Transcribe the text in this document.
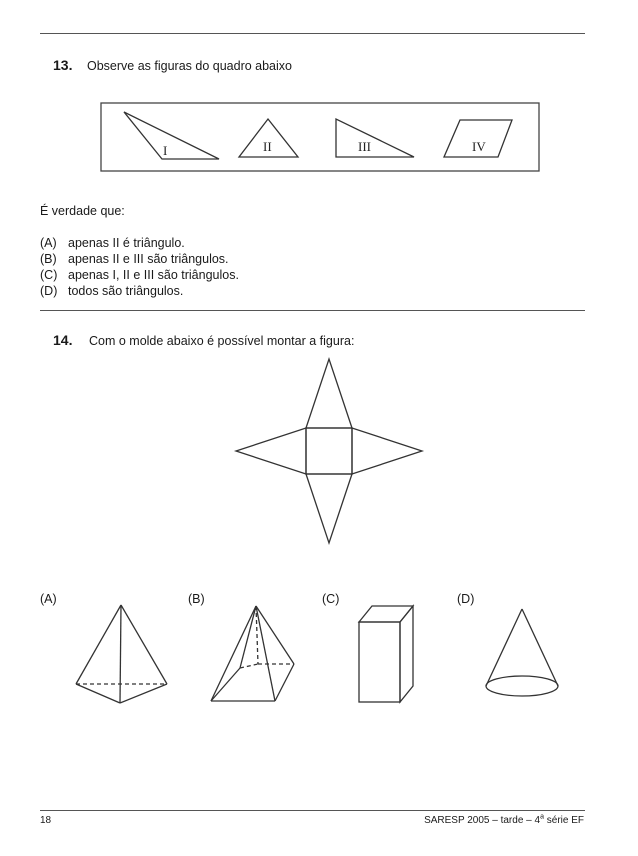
13. Observe as figuras do quadro abaixo
I	II	III	IV
É verdade que:
(A) apenas II é triângulo.
(B) apenas II e III são triângulos.
(C) apenas I, II e III são triângulos.
(D) todos são triângulos.
14. Com o molde abaixo é possível montar a figura:
(A)	(B)	(C)	(D)
18	SARESP 2005 – tarde – 4$^a$ série EF
